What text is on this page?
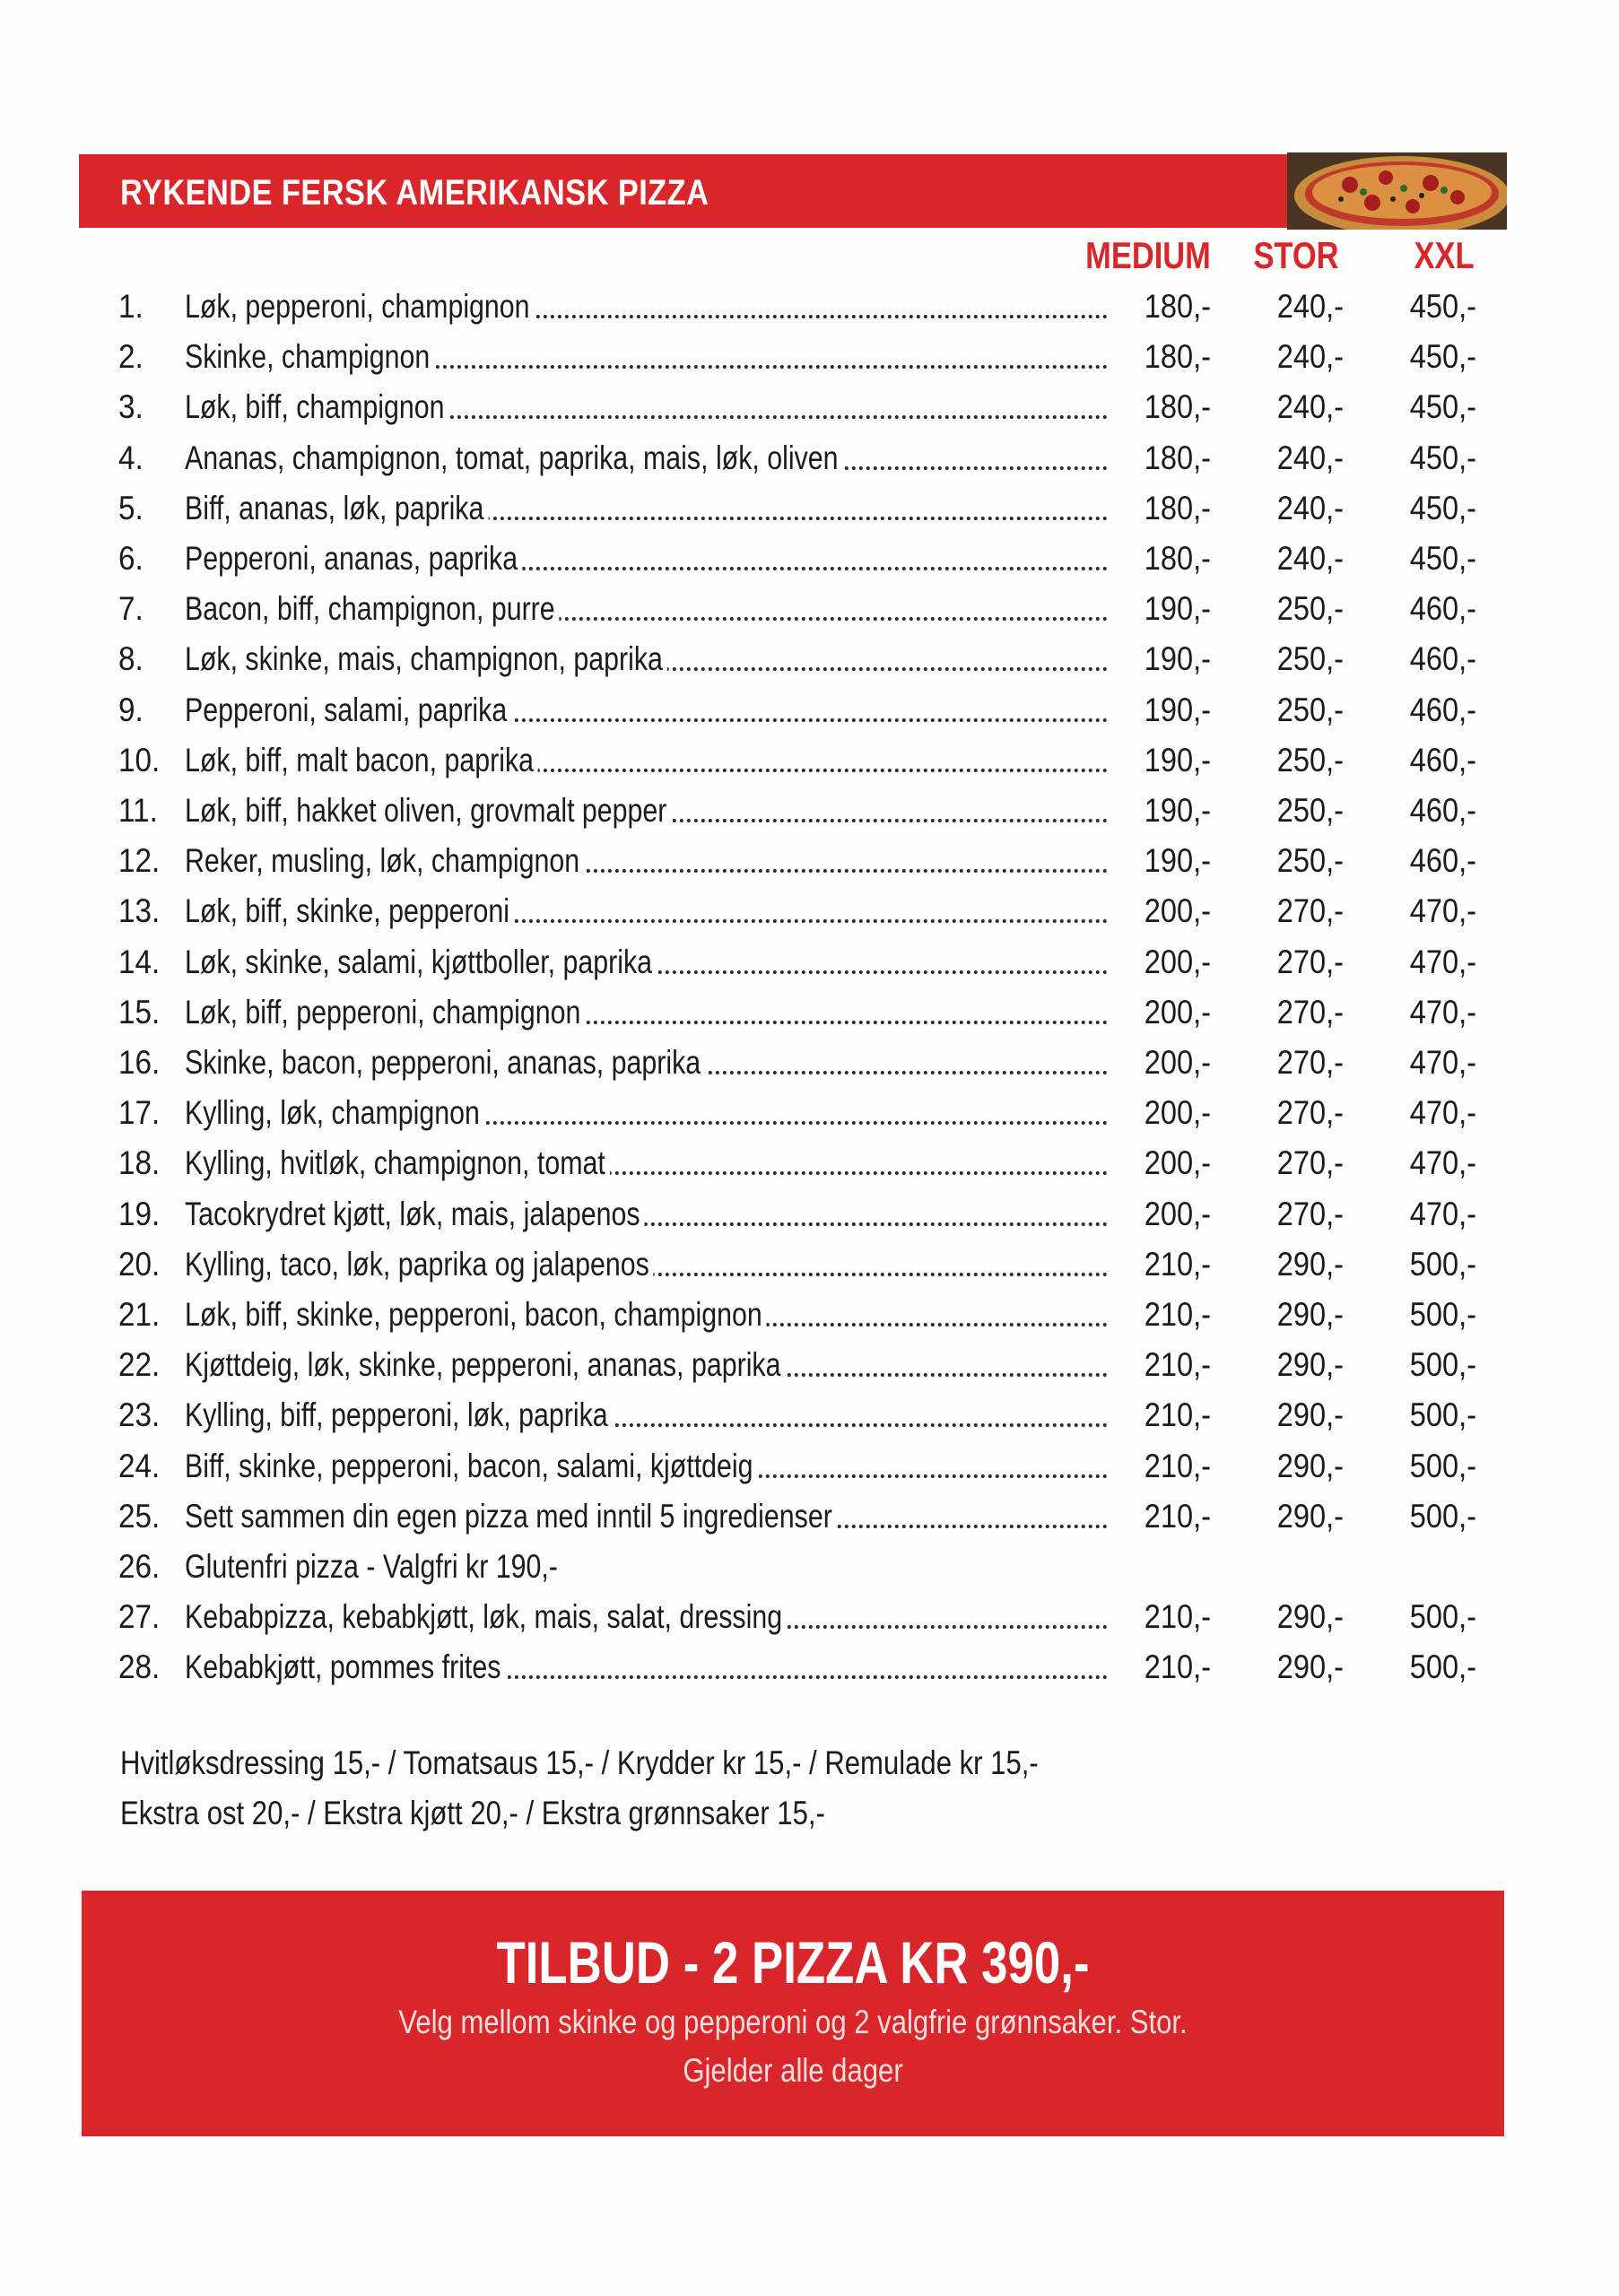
RYKENDE FERSK AMERIKANSK PIZZA
MEDIUM	STOR	XXL
1.	Løk, pepperoni, champignon	180,-	240,-	450,-
2.	Skinke, champignon	180,-	240,-	450,-
3.	Løk, biff, champignon	180,-	240,-	450,-
4.	Ananas, champignon, tomat, paprika, mais, løk, oliven	180,-	240,-	450,-
5.	Biff, ananas, løk, paprika	180,-	240,-	450,-
6.	Pepperoni, ananas, paprika	180,-	240,-	450,-
7.	Bacon, biff, champignon, purre	190,-	250,-	460,-
8.	Løk, skinke, mais, champignon, paprika	190,-	250,-	460,-
9.	Pepperoni, salami, paprika	190,-	250,-	460,-
10. Løk, biff, malt bacon, paprika	190,-	250,-	460,-
11. Løk, biff, hakket oliven, grovmalt pepper	190,-	250,-	460,-
12. Reker, musling, løk, champignon	190,-	250,-	460,-
13. Løk, biff, skinke, pepperoni	200,-	270,-	470,-
14. Løk, skinke, salami, kjøttboller, paprika	200,-	270,-	470,-
15. Løk, biff, pepperoni, champignon	200,-	270,-	470,-
16. Skinke, bacon, pepperoni, ananas, paprika	200,-	270,-	470,-
17. Kylling, løk, champignon	200,-	270,-	470,-
18. Kylling, hvitløk, champignon, tomat	200,-	270,-	470,-
19. Tacokrydret kjøtt, løk, mais, jalapenos	200,-	270,-	470,-
20. Kylling, taco, løk, paprika og jalapenos	210,-	290,-	500,-
21. Løk, biff, skinke, pepperoni, bacon, champignon	210,-	290,-	500,-
22. Kjøttdeig, løk, skinke, pepperoni, ananas, paprika	210,-	290,-	500,-
23. Kylling, biff, pepperoni, løk, paprika	210,-	290,-	500,-
24. Biff, skinke, pepperoni, bacon, salami, kjøttdeig	210,-	290,-	500,-
25. Sett sammen din egen pizza med inntil 5 ingredienser	210,-	290,-	500,-
26. Glutenfri pizza - Valgfri kr 190,-
27. Kebabpizza, kebabkjøtt, løk, mais, salat, dressing	210,-	290,-	500,-
28. Kebabkjøtt, pommes frites	210,-	290,-	500,-
Hvitløksdressing 15,- / Tomatsaus 15,- / Krydder kr 15,- / Remulade kr 15,-
Ekstra ost 20,- / Ekstra kjøtt 20,- / Ekstra grønnsaker 15,-
TILBUD - 2 PIZZA KR 390,-
Velg mellom skinke og pepperoni og 2 valgfrie grønnsaker. Stor.
Gjelder alle dager
